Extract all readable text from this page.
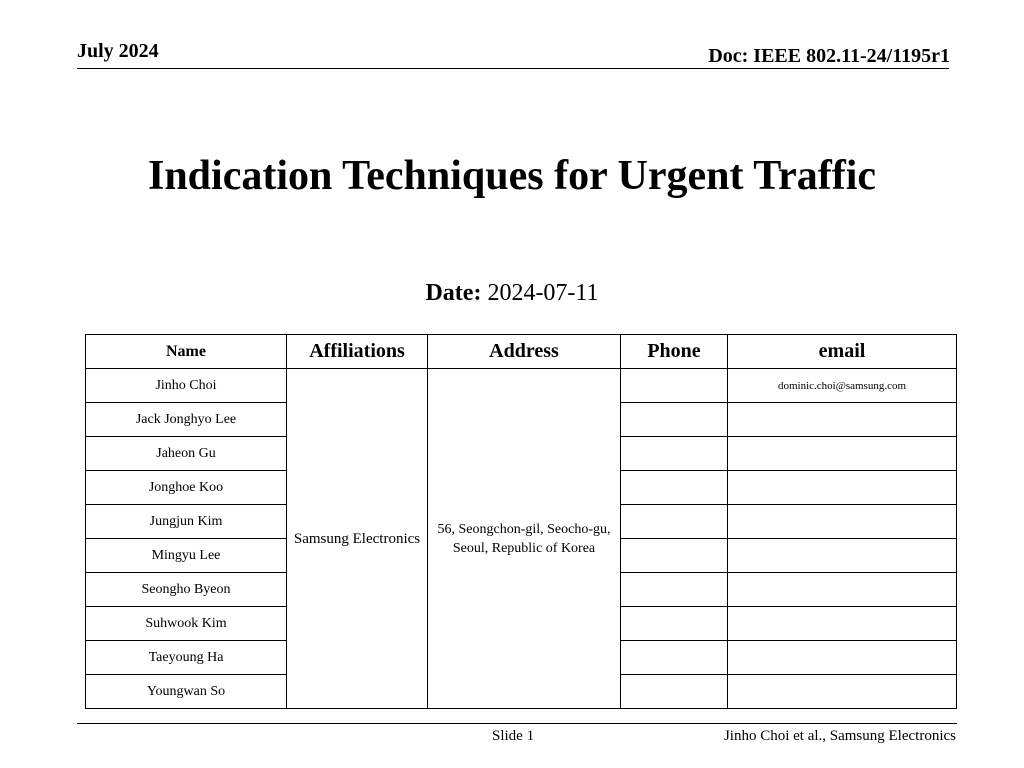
July 2024	Doc: IEEE 802.11-24/1195r1
Indication Techniques for Urgent Traffic
Date: 2024-07-11
Name	Affiliations	Address	Phone	email
Jinho Choi	Samsung Electronics	56, Seongchon-gil, Seocho-gu, Seoul, Republic of Korea		dominic.choi@samsung.com
Jack Jonghyo Lee				
Jaheon Gu				
Jonghoe Koo				
Jungjun Kim				
Mingyu Lee				
Seongho Byeon				
Suhwook Kim				
Taeyoung Ha				
Youngwan So				
Slide 1	Jinho Choi et al., Samsung Electronics
